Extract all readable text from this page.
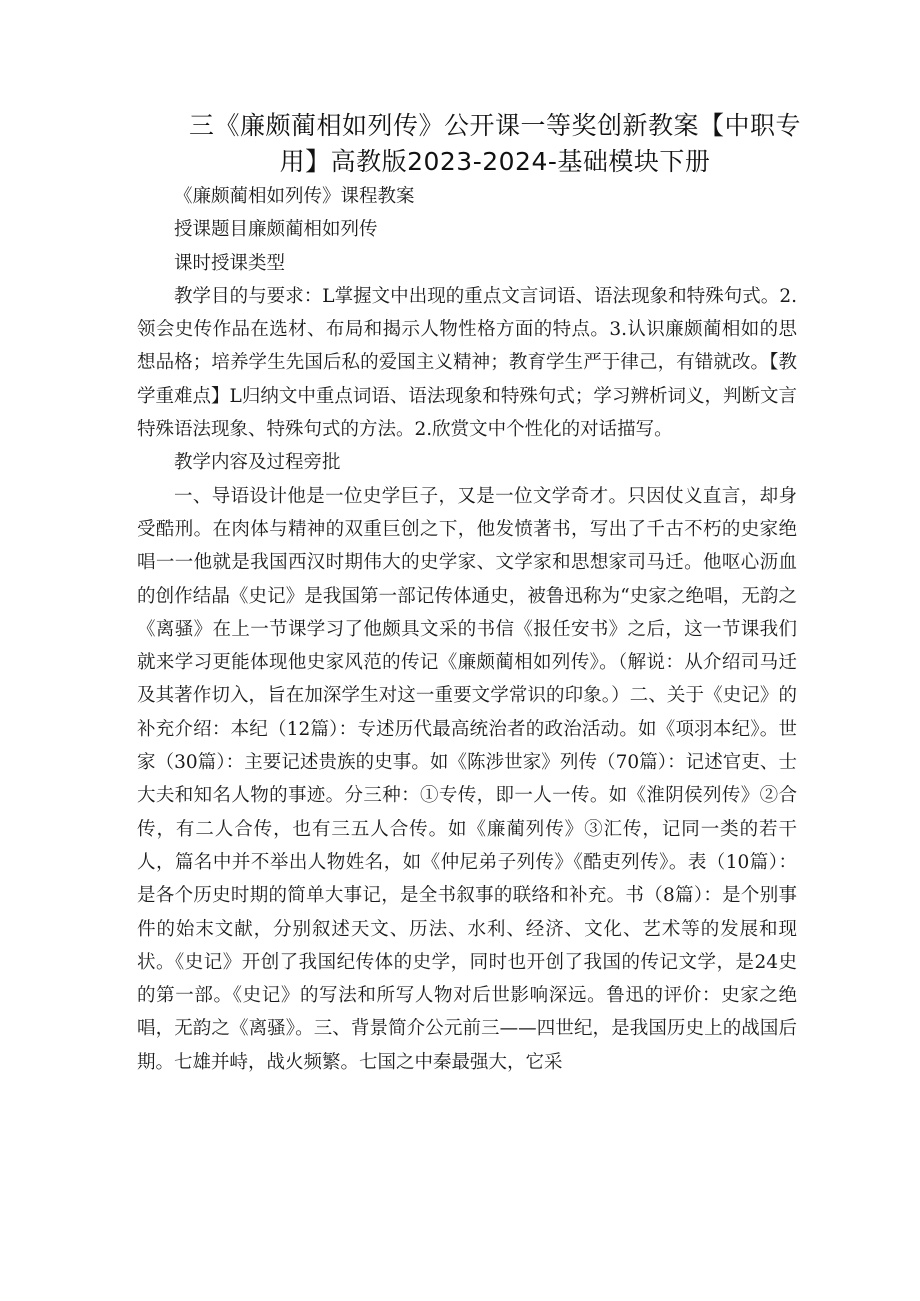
三《廉颇蔺相如列传》公开课一等奖创新教案【中职专用】高教版2023-2024-基础模块下册

《廉颇蔺相如列传》课程教案

授课题目廉颇蔺相如列传

课时授课类型

教学目的与要求：L掌握文中出现的重点文言词语、语法现象和特殊句式。2.领会史传作品在选材、布局和揭示人物性格方面的特点。3.认识廉颇蔺相如的思想品格；培养学生先国后私的爱国主义精神；教育学生严于律己，有错就改。【教学重难点】L归纳文中重点词语、语法现象和特殊句式；学习辨析词义，判断文言特殊语法现象、特殊句式的方法。2.欣赏文中个性化的对话描写。

教学内容及过程旁批

一、导语设计他是一位史学巨子，又是一位文学奇才。只因仗义直言，却身受酷刑。在肉体与精神的双重巨创之下，他发愤著书，写出了千古不朽的史家绝唱一一他就是我国西汉时期伟大的史学家、文学家和思想家司马迁。他呕心沥血的创作结晶《史记》是我国第一部记传体通史，被鲁迅称为“史家之绝唱，无韵之《离骚》在上一节课学习了他颇具文采的书信《报任安书》之后，这一节课我们就来学习更能体现他史家风范的传记《廉颇蔺相如列传》。（解说：从介绍司马迁及其著作切入，旨在加深学生对这一重要文学常识的印象。）二、关于《史记》的补充介绍：本纪（12篇）：专述历代最高统治者的政治活动。如《项羽本纪》。世家（30篇）：主要记述贵族的史事。如《陈涉世家》列传（70篇）：记述官吏、士大夫和知名人物的事迹。分三种：①专传，即一人一传。如《淮阴侯列传》②合传，有二人合传，也有三五人合传。如《廉蔺列传》③汇传，记同一类的若干人，篇名中并不举出人物姓名，如《仲尼弟子列传》《酷吏列传》。表（10篇）：是各个历史时期的简单大事记，是全书叙事的联络和补充。书（8篇）：是个别事件的始末文献，分别叙述天文、历法、水利、经济、文化、艺术等的发展和现状。《史记》开创了我国纪传体的史学，同时也开创了我国的传记文学，是24史的第一部。《史记》的写法和所写人物对后世影响深远。鲁迅的评价：史家之绝唱，无韵之《离骚》。三、背景简介公元前三——四世纪，是我国历史上的战国后期。七雄并峙，战火频繁。七国之中秦最强大，它采
